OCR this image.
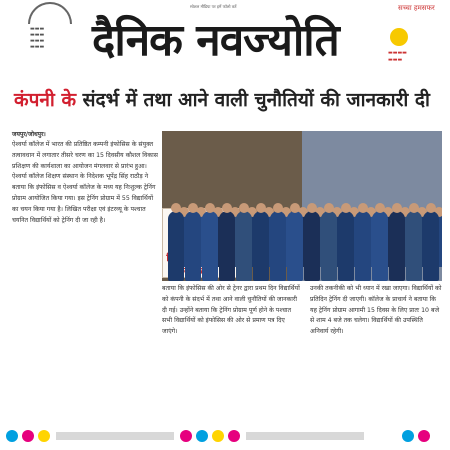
▬▬▬
▬▬▬
▬▬▬
▬▬▬
सोशल मीडिया पर हमें फॉलो करें
दैनिक नवज्योति
सच्चा हमसफर
▬▬▬▬
▬▬▬
कंपनी के संदर्भ में तथा आने वाली चुनौतियों की जानकारी दी
जयपुर/जोधपुर।

ऐश्वर्या कॉलेज में भारत की प्रतिष्ठित कम्पनी इंफोसिस के संयुक्त तत्वावधान में लगातार तीसरे चरण का 15 दिवसीय कौशल विकास प्रशिक्षण की कार्यशाला का आयोजन मंगलवार से प्रारंभ हुआ। ऐश्वर्या कॉलेज शिक्षण संस्थान के निदेशक भूपेंद्र सिंह राठौड़ ने बताया कि इंफोसिस व ऐश्वर्या कॉलेज के मध्य यह निःशुल्क ट्रेनिंग प्रोग्राम आयोजित किया गया। इस ट्रेनिंग प्रोग्राम में 55 विद्यार्थियों का चयन किया गया है। लिखित परीक्षा एवं इंटरव्यू के पश्चात चयनित विद्यार्थियों को ट्रेनिंग दी जा रही है।

बताया कि इंफोसिस की ओर से ट्रेनर द्वारा प्रथम दिन विद्यार्थियों को कंपनी के संदर्भ में तथा आने वाली चुनौतियों की जानकारी दी गई। उन्होंने बताया कि ट्रेनिंग प्रोग्राम पूर्ण होने के पश्चात सभी विद्यार्थियों को इंफोसिस की ओर से प्रमाण पत्र दिए जाएंगे।

उनकी तकनीकी को भी ध्यान में रखा जाएगा। विद्यार्थियों को प्रतिदिन ट्रेनिंग दी जाएगी। कॉलेज के प्राचार्य ने बताया कि यह ट्रेनिंग प्रोग्राम आगामी 15 दिवस के लिए प्रातः 10 बजे से शाम 4 बजे तक चलेगा। विद्यार्थियों की उपस्थिति अनिवार्य रहेगी।
